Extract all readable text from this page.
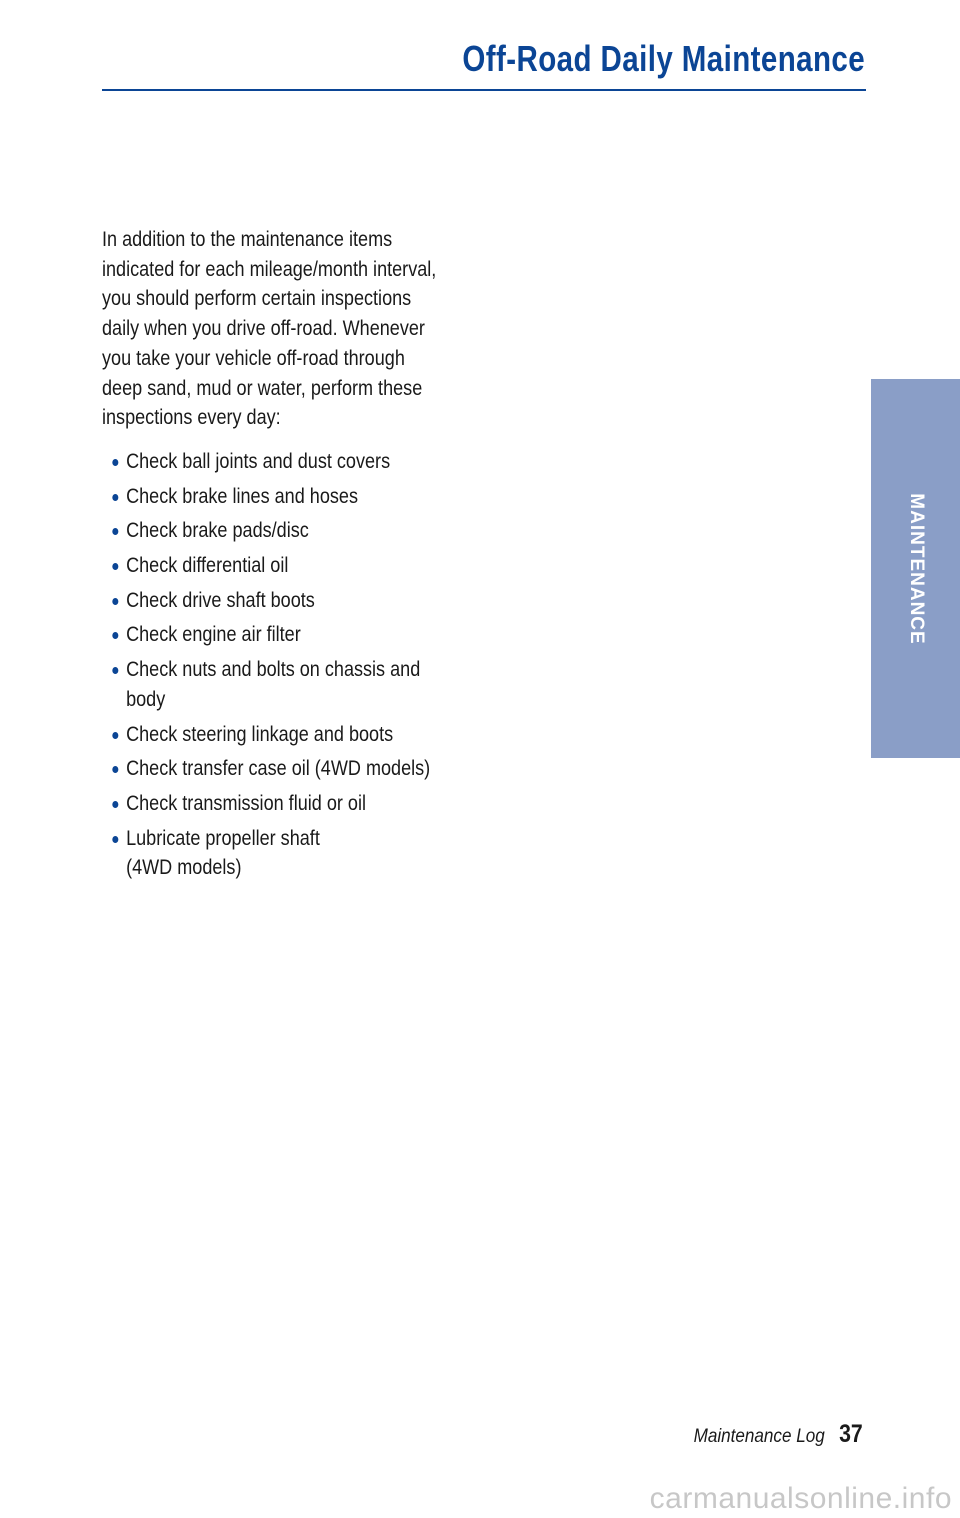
Off-Road Daily Maintenance

In addition to the maintenance items
indicated for each mileage/month interval,
you should perform certain inspections
daily when you drive off-road. Whenever
you take your vehicle off-road through
deep sand, mud or water, perform these
inspections every day:

Check ball joints and dust covers
Check brake lines and hoses
Check brake pads/disc
Check differential oil
Check drive shaft boots
Check engine air filter
Check nuts and bolts on chassis and
body
Check steering linkage and boots
Check transfer case oil (4WD models)
Check transmission fluid or oil
Lubricate propeller shaft
(4WD models)
MAINTENANCE
Maintenance Log 37
carmanualsonline.info
